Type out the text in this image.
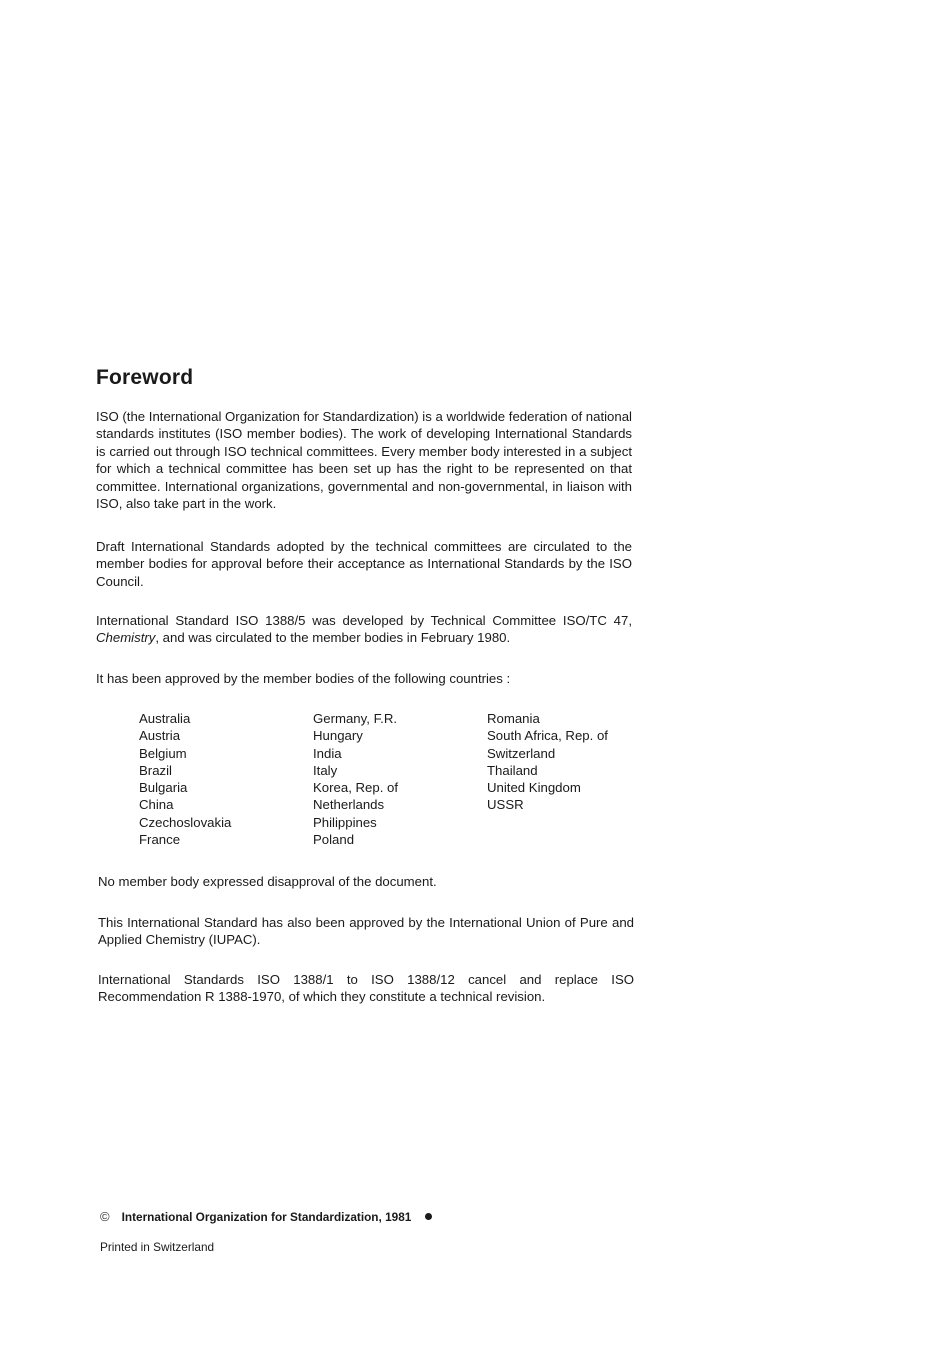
Foreword

ISO (the International Organization for Standardization) is a worldwide federation of national standards institutes (ISO member bodies). The work of developing International Standards is carried out through ISO technical committees. Every member body interested in a subject for which a technical committee has been set up has the right to be represented on that committee. International organizations, governmental and non-governmental, in liaison with ISO, also take part in the work.

Draft International Standards adopted by the technical committees are circulated to the member bodies for approval before their acceptance as International Standards by the ISO Council.

International Standard ISO 1388/5 was developed by Technical Committee ISO/TC 47, Chemistry, and was circulated to the member bodies in February 1980.

It has been approved by the member bodies of the following countries :

Australia
Austria
Belgium
Brazil
Bulgaria
China
Czechoslovakia
France
Germany, F.R.
Hungary
India
Italy
Korea, Rep. of
Netherlands
Philippines
Poland
Romania
South Africa, Rep. of
Switzerland
Thailand
United Kingdom
USSR

No member body expressed disapproval of the document.

This International Standard has also been approved by the International Union of Pure and Applied Chemistry (IUPAC).

International Standards ISO 1388/1 to ISO 1388/12 cancel and replace ISO Recommendation R 1388-1970, of which they constitute a technical revision.

© International Organization for Standardization, 1981
Printed in Switzerland
